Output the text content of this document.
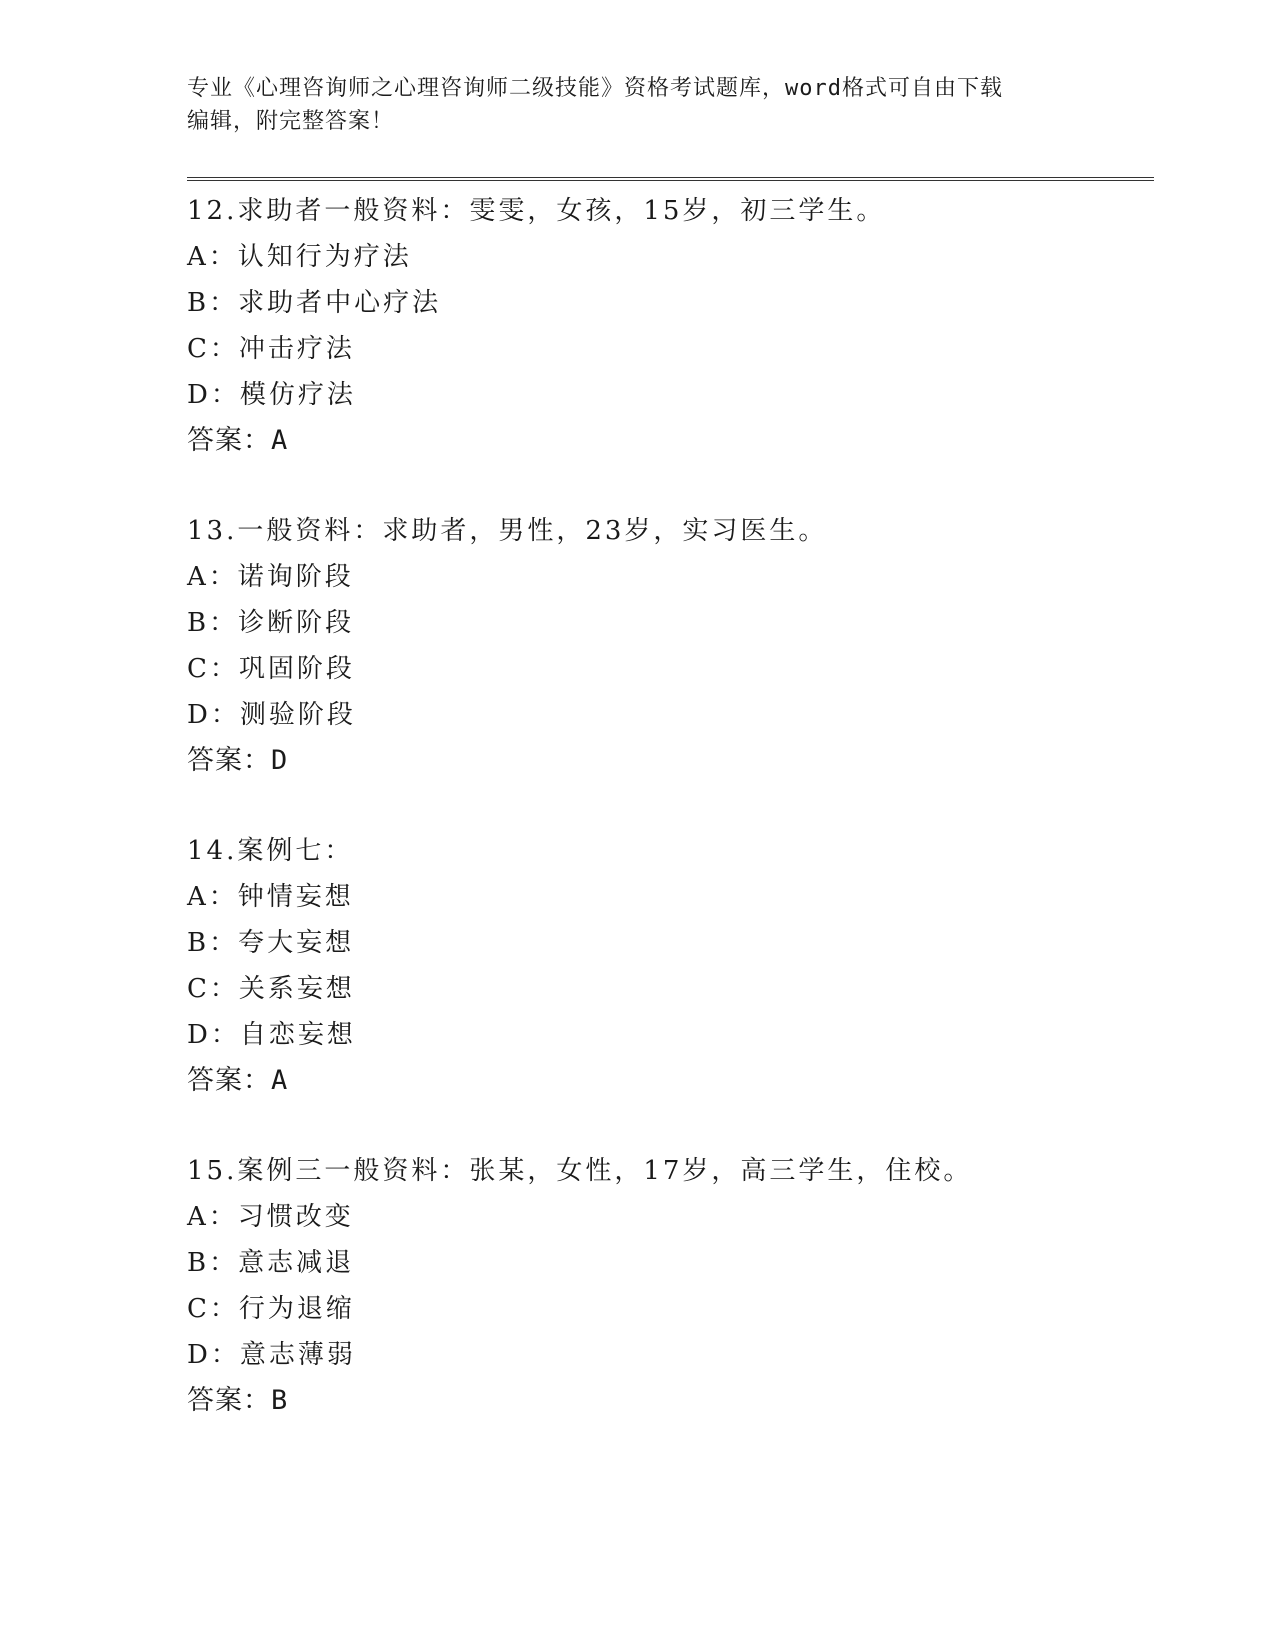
专业《心理咨询师之心理咨询师二级技能》资格考试题库，word格式可自由下载
编辑，附完整答案！
12.求助者一般资料：雯雯，女孩，15岁，初三学生。
A：认知行为疗法
B：求助者中心疗法
C：冲击疗法
D：模仿疗法
答案：A
13.一般资料：求助者，男性，23岁，实习医生。
A：诺询阶段
B：诊断阶段
C：巩固阶段
D：测验阶段
答案：D
14.案例七：
A：钟情妄想
B：夸大妄想
C：关系妄想
D：自恋妄想
答案：A
15.案例三一般资料：张某，女性，17岁，高三学生，住校。
A：习惯改变
B：意志减退
C：行为退缩
D：意志薄弱
答案：B
